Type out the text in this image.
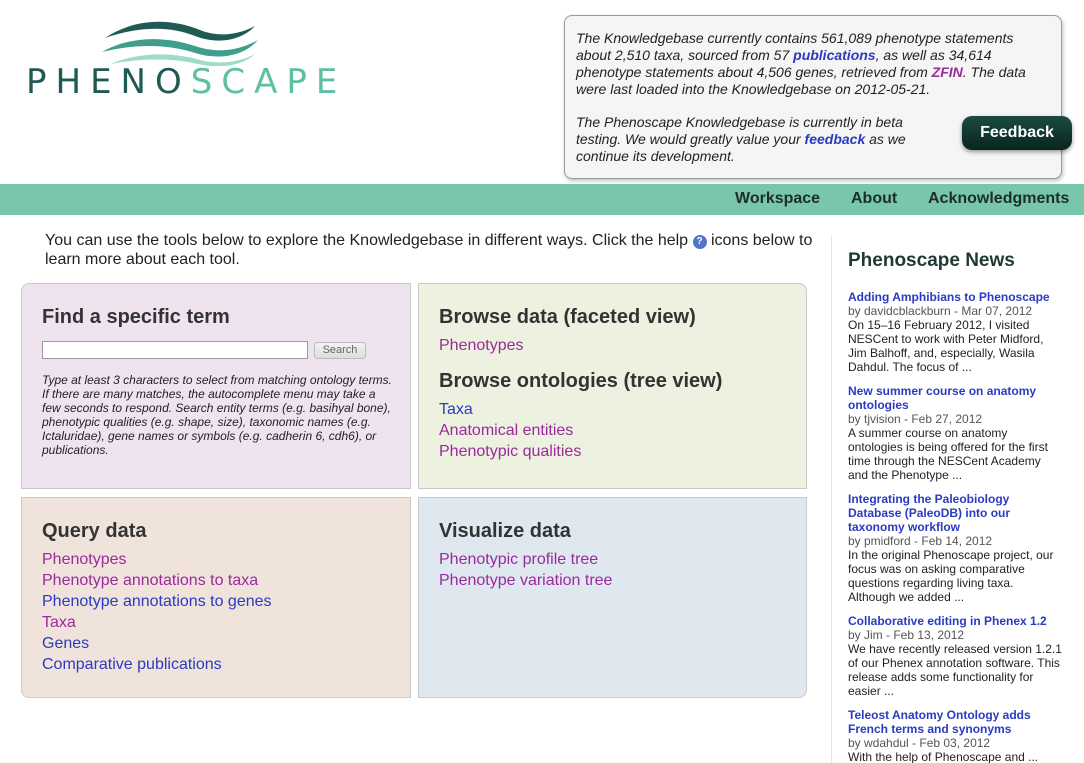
PHENOSCAPE

The Knowledgebase currently contains 561,089 phenotype statements about 2,510 taxa, sourced from 57 publications, as well as 34,614 phenotype statements about 4,506 genes, retrieved from ZFIN. The data were last loaded into the Knowledgebase on 2012-05-21.

The Phenoscape Knowledgebase is currently in beta testing. We would greatly value your feedback as we continue its development.

Feedback
Workspace About Acknowledgments
You can use the tools below to explore the Knowledgebase in different ways. Click the help ? icons below to learn more about each tool.
Find a specific term
Search
Type at least 3 characters to select from matching ontology terms. If there are many matches, the autocomplete menu may take a few seconds to respond. Search entity terms (e.g. basihyal bone), phenotypic qualities (e.g. shape, size), taxonomic names (e.g. Ictaluridae), gene names or symbols (e.g. cadherin 6, cdh6), or publications.
Browse data (faceted view)
Phenotypes
Browse ontologies (tree view)
Taxa
Anatomical entities
Phenotypic qualities
Query data
Phenotypes
Phenotype annotations to taxa
Phenotype annotations to genes
Taxa
Genes
Comparative publications
Visualize data
Phenotypic profile tree
Phenotype variation tree
Phenoscape News
Adding Amphibians to Phenoscape
by davidcblackburn - Mar 07, 2012
On 15–16 February 2012, I visited NESCent to work with Peter Midford, Jim Balhoff, and, especially, Wasila Dahdul. The focus of ...
New summer course on anatomy ontologies
by tjvision - Feb 27, 2012
A summer course on anatomy ontologies is being offered for the first time through the NESCent Academy and the Phenotype ...
Integrating the Paleobiology Database (PaleoDB) into our taxonomy workflow
by pmidford - Feb 14, 2012
In the original Phenoscape project, our focus was on asking comparative questions regarding living taxa. Although we added ...
Collaborative editing in Phenex 1.2
by Jim - Feb 13, 2012
We have recently released version 1.2.1 of our Phenex annotation software. This release adds some functionality for easier ...
Teleost Anatomy Ontology adds French terms and synonyms
by wdahdul - Feb 03, 2012
With the help of Phenoscape and ...
